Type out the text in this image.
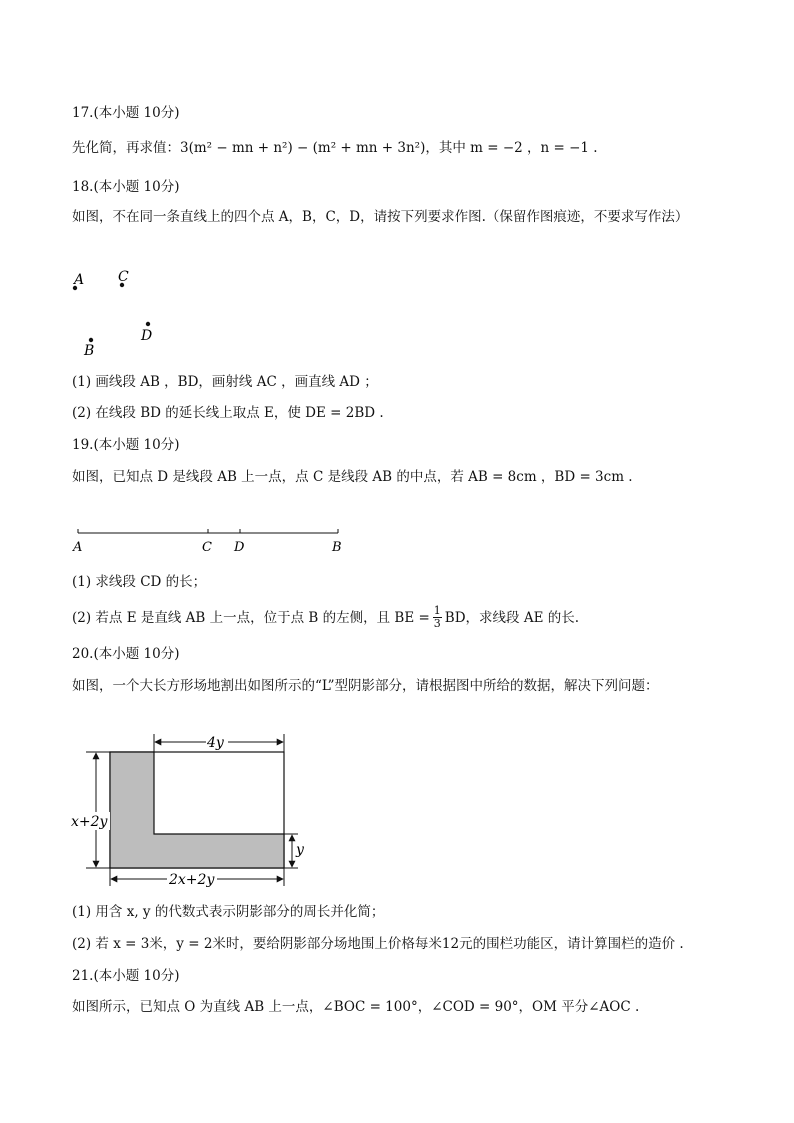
17.(本小题 10分)
先化简，再求值：3(m² − mn + n²) − (m² + mn + 3n²)，其中 m = −2 ，n = −1 .
18.(本小题 10分)
如图，不在同一条直线上的四个点 A，B，C，D，请按下列要求作图.（保留作图痕迹，不要求写作法）
A C
D
B
(1) 画线段 AB ，BD，画射线 AC ，画直线 AD ；
(2) 在线段 BD 的延长线上取点 E，使 DE = 2BD .
19.(本小题 10分)
如图，已知点 D 是线段 AB 上一点，点 C 是线段 AB 的中点，若 AB = 8cm ，BD = 3cm .
A	C D	B
(1) 求线段 CD 的长；
(2) 若点 E 是直线 AB 上一点，位于点 B 的左侧，且 BE = $\frac{1}{3}$ BD，求线段 AE 的长.
20.(本小题 10分)
如图，一个大长方形场地割出如图所示的“L”型阴影部分，请根据图中所给的数据，解决下列问题：
4y
x+2y
y
2x+2y
(1) 用含 x, y 的代数式表示阴影部分的周长并化简；
(2) 若 x = 3米，y = 2米时，要给阴影部分场地围上价格每米12元的围栏功能区，请计算围栏的造价 .
21.(本小题 10分)
如图所示，已知点 O 为直线 AB 上一点，∠BOC = 100°，∠COD = 90°，OM 平分∠AOC .
